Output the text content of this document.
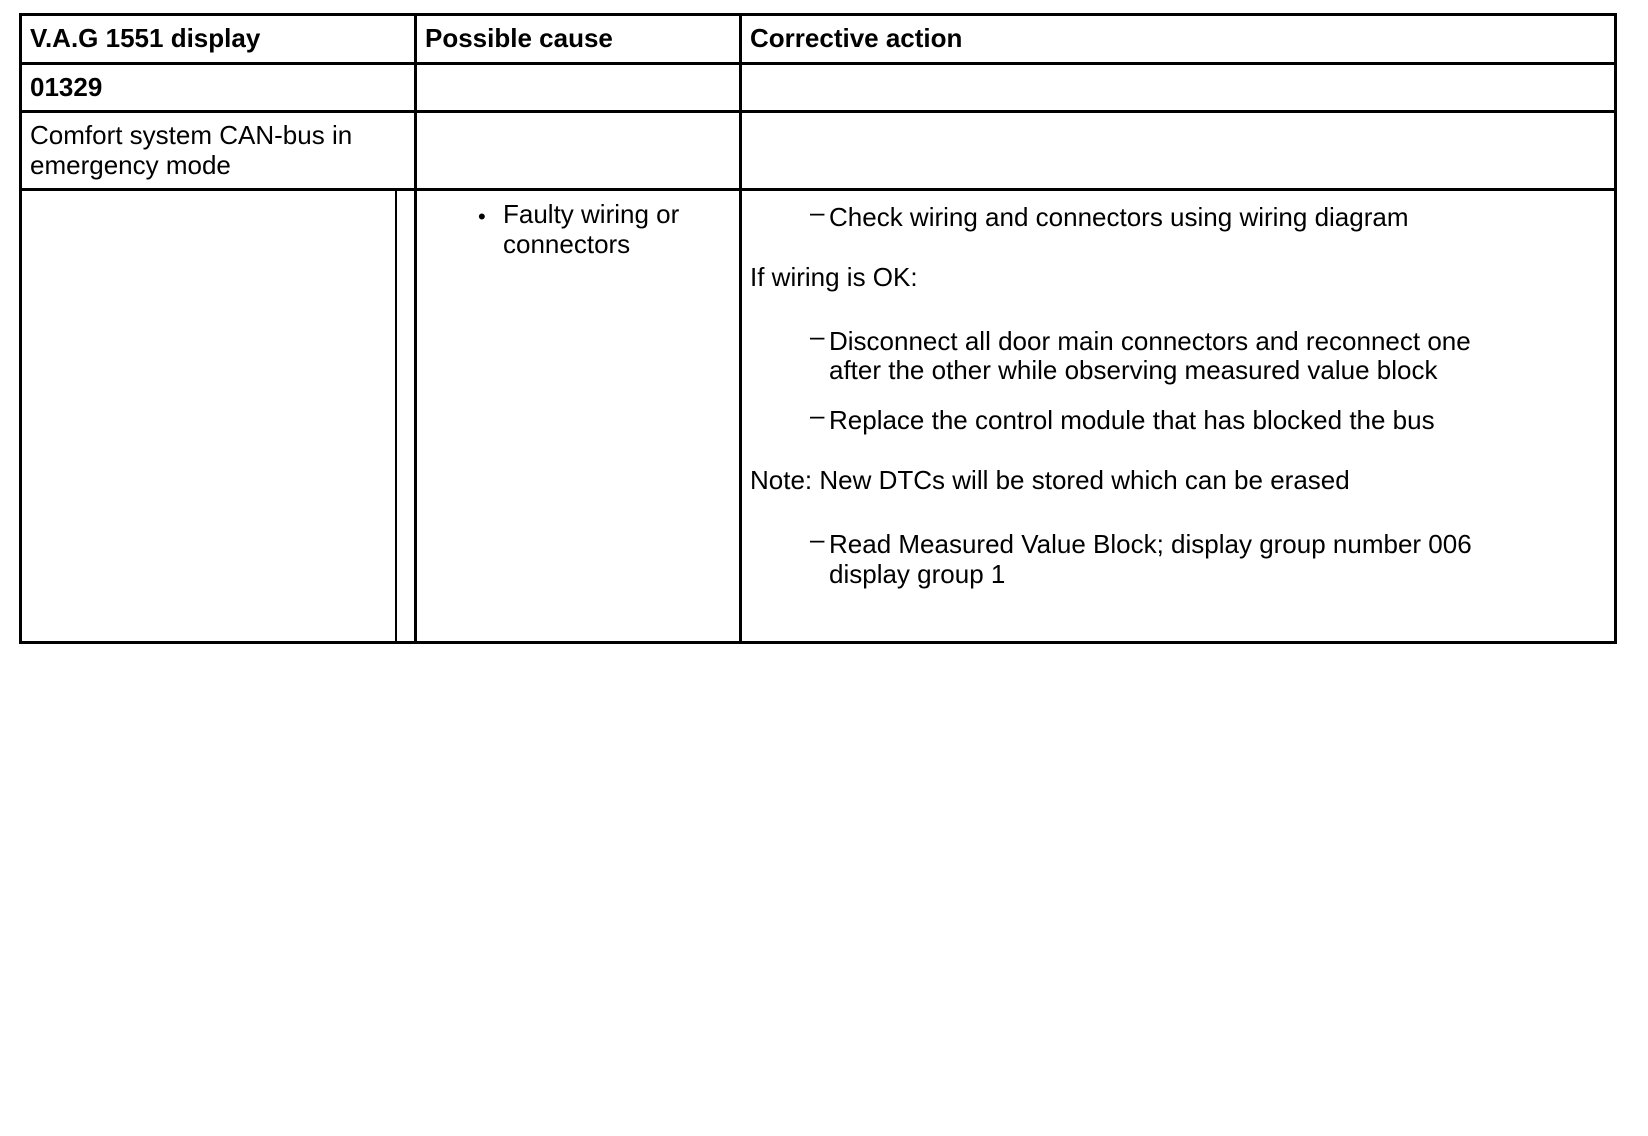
V.A.G 1551 display	Possible cause	Corrective action
01329
Comfort system CAN-bus in
emergency mode
• Faulty wiring or
connectors
– Check wiring and connectors using wiring diagram
If wiring is OK:
– Disconnect all door main connectors and reconnect one
after the other while observing measured value block
– Replace the control module that has blocked the bus
Note: New DTCs will be stored which can be erased
– Read Measured Value Block; display group number 006
display group 1
